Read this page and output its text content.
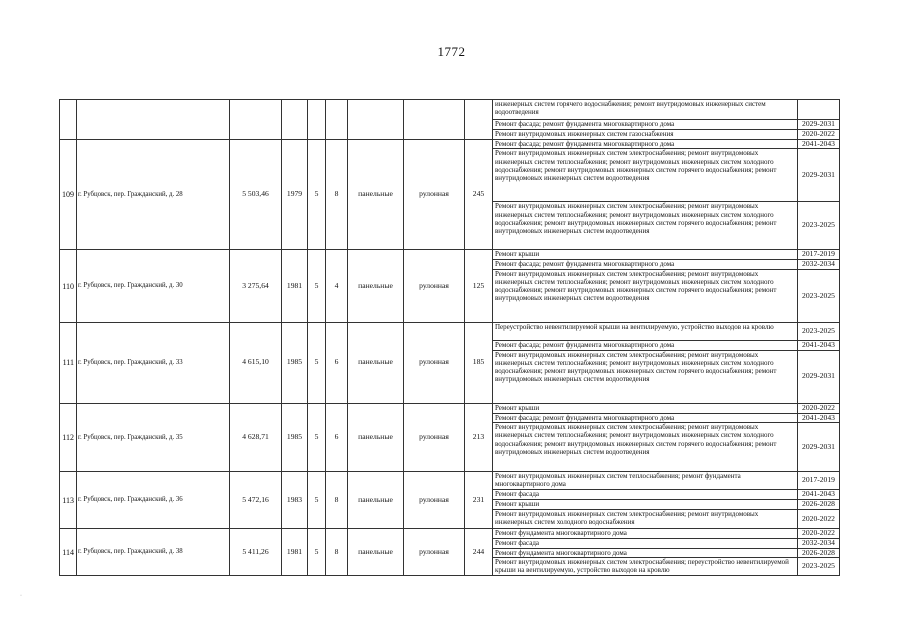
1772
									инженерных систем горячего водоснабжения; ремонт внутридомовых инженерных систем водоотведения	
									Ремонт фасада; ремонт фундамента многоквартирного дома	2029-2031
									Ремонт внутридомовых инженерных систем газоснабжения	2020-2022
109	г. Рубцовск, пер. Гражданский, д. 28	5 503,46	1979	5	8	панельные	рулонная	245	Ремонт фасада; ремонт фундамента многоквартирного дома	2041-2043
									Ремонт внутридомовых инженерных систем электроснабжения; ремонт внутридомовых инженерных систем теплоснабжения; ремонт внутридомовых инженерных систем холодного водоснабжения; ремонт внутридомовых инженерных систем горячего водоснабжения; ремонт внутридомовых инженерных систем водоотведения	2029-2031
									Ремонт внутридомовых инженерных систем электроснабжения; ремонт внутридомовых инженерных систем теплоснабжения; ремонт внутридомовых инженерных систем холодного водоснабжения; ремонт внутридомовых инженерных систем горячего водоснабжения; ремонт внутридомовых инженерных систем водоотведения	2023-2025
110	г. Рубцовск, пер. Гражданский, д. 30	3 275,64	1981	5	4	панельные	рулонная	125	Ремонт крыши	2017-2019
									Ремонт фасада; ремонт фундамента многоквартирного дома	2032-2034
									Ремонт внутридомовых инженерных систем электроснабжения; ремонт внутридомовых инженерных систем теплоснабжения; ремонт внутридомовых инженерных систем холодного водоснабжения; ремонт внутридомовых инженерных систем горячего водоснабжения; ремонт внутридомовых инженерных систем водоотведения	2023-2025
111	г. Рубцовск, пер. Гражданский, д. 33	4 615,10	1985	5	6	панельные	рулонная	185	Переустройство невентилируемой крыши на вентилируемую, устройство выходов на кровлю	2023-2025
									Ремонт фасада; ремонт фундамента многоквартирного дома	2041-2043
									Ремонт внутридомовых инженерных систем электроснабжения; ремонт внутридомовых инженерных систем теплоснабжения; ремонт внутридомовых инженерных систем холодного водоснабжения; ремонт внутридомовых инженерных систем горячего водоснабжения; ремонт внутридомовых инженерных систем водоотведения	2029-2031
112	г. Рубцовск, пер. Гражданский, д. 35	4 628,71	1985	5	6	панельные	рулонная	213	Ремонт крыши	2020-2022
									Ремонт фасада; ремонт фундамента многоквартирного дома	2041-2043
									Ремонт внутридомовых инженерных систем электроснабжения; ремонт внутридомовых инженерных систем теплоснабжения; ремонт внутридомовых инженерных систем холодного водоснабжения; ремонт внутридомовых инженерных систем горячего водоснабжения; ремонт внутридомовых инженерных систем водоотведения	2029-2031
113	г. Рубцовск, пер. Гражданский, д. 36	5 472,16	1983	5	8	панельные	рулонная	231	Ремонт внутридомовых инженерных систем теплоснабжения; ремонт фундамента многоквартирного дома	2017-2019
									Ремонт фасада	2041-2043
									Ремонт крыши	2026-2028
									Ремонт внутридомовых инженерных систем электроснабжения; ремонт внутридомовых инженерных систем холодного водоснабжения	2020-2022
114	г. Рубцовск, пер. Гражданский, д. 38	5 411,26	1981	5	8	панельные	рулонная	244	Ремонт фундамента многоквартирного дома	2020-2022
									Ремонт фасада	2032-2034
									Ремонт фундамента многоквартирного дома	2026-2028
									Ремонт внутридомовых инженерных систем электроснабжения; переустройство невентилируемой крыши на вентилируемую, устройство выходов на кровлю	2023-2025
·
